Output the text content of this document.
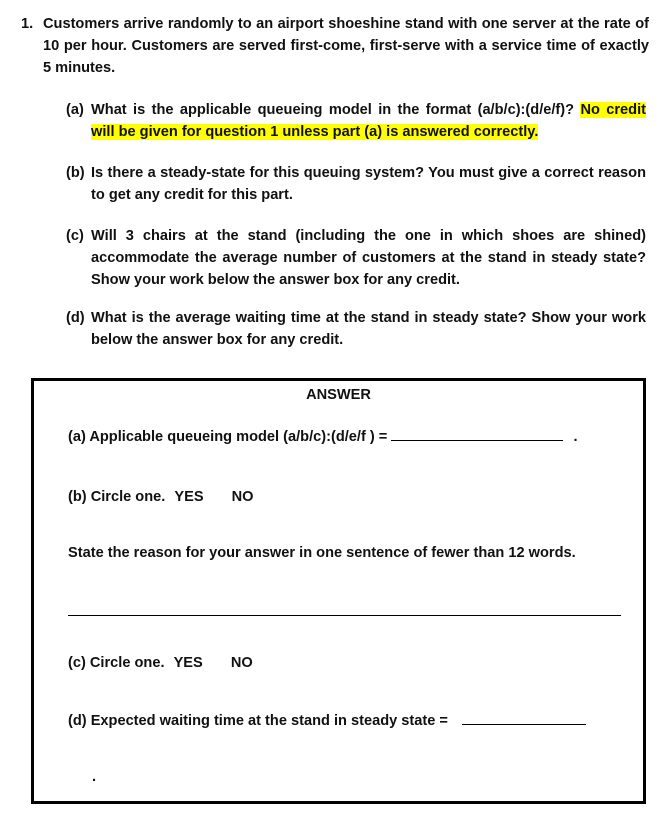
1. Customers arrive randomly to an airport shoeshine stand with one server at the rate of 10 per hour. Customers are served first-come, first-serve with a service time of exactly 5 minutes.
(a) What is the applicable queueing model in the format (a/b/c):(d/e/f)? No credit will be given for question 1 unless part (a) is answered correctly.
(b) Is there a steady-state for this queuing system? You must give a correct reason to get any credit for this part.
(c) Will 3 chairs at the stand (including the one in which shoes are shined) accommodate the average number of customers at the stand in steady state? Show your work below the answer box for any credit.
(d) What is the average waiting time at the stand in steady state? Show your work below the answer box for any credit.
ANSWER
(a) Applicable queueing model (a/b/c):(d/e/f ) =	.
(b) Circle one. YES NO
State the reason for your answer in one sentence of fewer than 12 words.
(c) Circle one. YES NO
(d) Expected waiting time at the stand in steady state =
.
